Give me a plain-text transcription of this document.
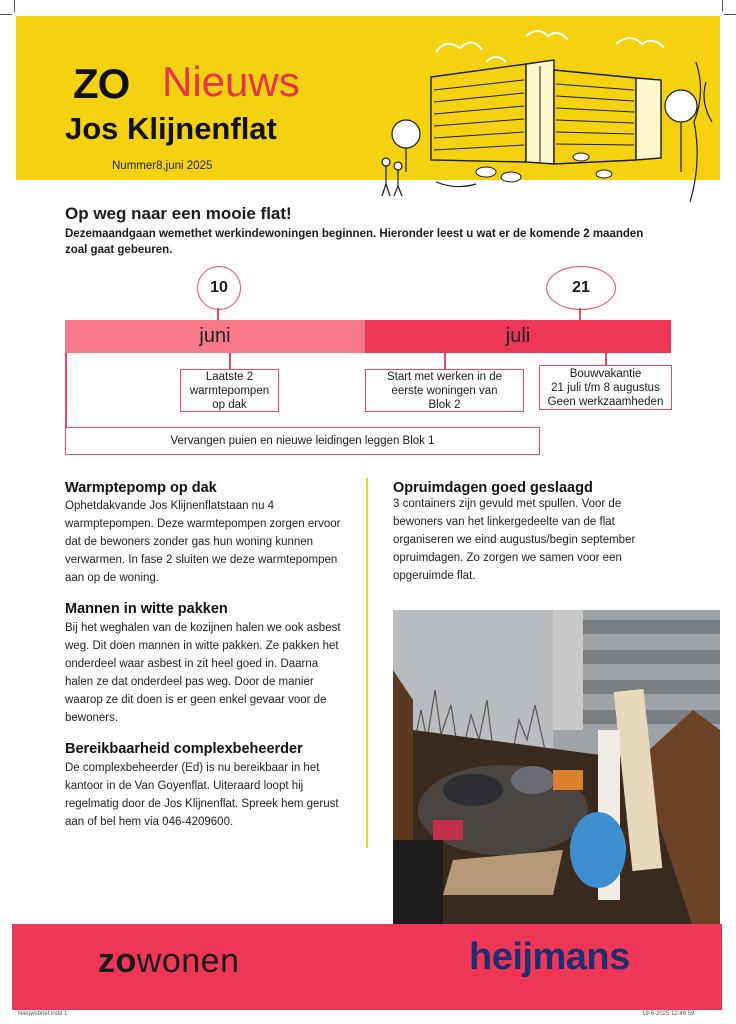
ZO Nieuws
Jos Klijnenflat
Nummer8,juni 2025
Op weg naar een mooie flat!
Dezemaandgaan wemethet werkindewoningen beginnen. Hieronder leest u wat er de komende 2 maanden zoal gaat gebeuren.
10	21
juni	juli
Laatste 2 warmtepompen op dak
Start met werken in de eerste woningen van Blok 2
Bouwvakantie
21 juli t/m 8 augustus
Geen werkzaamheden
Vervangen puien en nieuwe leidingen leggen Blok 1
Warmptepomp op dak
Ophetdakvande Jos Klijnenflatstaan nu 4 warmptepompen. Deze warmtepompen zorgen ervoor dat de bewoners zonder gas hun woning kunnen verwarmen. In fase 2 sluiten we deze warmtepompen aan op de woning.
Mannen in witte pakken
Bij het weghalen van de kozijnen halen we ook asbest weg. Dit doen mannen in witte pakken. Ze pakken het onderdeel waar asbest in zit heel goed in. Daarna halen ze dat onderdeel pas weg. Door de manier waarop ze dit doen is er geen enkel gevaar voor de bewoners.
Bereikbaarheid complexbeheerder
De complexbeheerder (Ed) is nu bereikbaar in het kantoor in de Van Goyenflat. Uiteraard loopt hij regelmatig door de Jos Klijnenflat. Spreek hem gerust aan of bel hem via 046-4209600.
Opruimdagen goed geslaagd
3 containers zijn gevuld met spullen. Voor de bewoners van het linkergedeelte van de flat organiseren we eind augustus/begin september opruimdagen. Zo zorgen we samen voor een opgeruimde flat.
zowonen	heijmans
Nieuwsbrief.indd 1	19-6-2025 12:46:59
